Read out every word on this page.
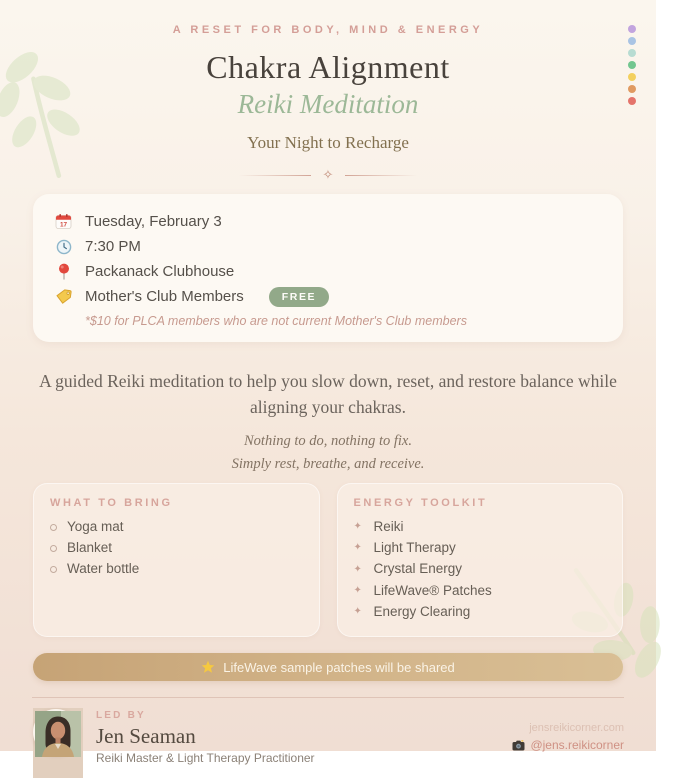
A RESET FOR BODY, MIND & ENERGY
Chakra Alignment
Reiki Meditation
Your Night to Recharge
✧
17 Tuesday, February 3
7:30 PM
Packanack Clubhouse
Mother's Club Members	FREE
*$10 for PLCA members who are not current Mother's Club members

A guided Reiki meditation to help you slow down, reset, and restore balance while aligning your chakras.

Nothing to do, nothing to fix.

Simply rest, breathe, and receive.

WHAT TO BRING
Yoga mat
Blanket
Water bottle
ENERGY TOOLKIT
✦
Reiki
✦
Light Therapy
✦
Crystal Energy
✦
LifeWave® Patches
✦
Energy Clearing
LifeWave sample patches will be shared
LED BY
Jen Seaman
Reiki Master & Light Therapy Practitioner
jensreikicorner.com
@jens.reikicorner
